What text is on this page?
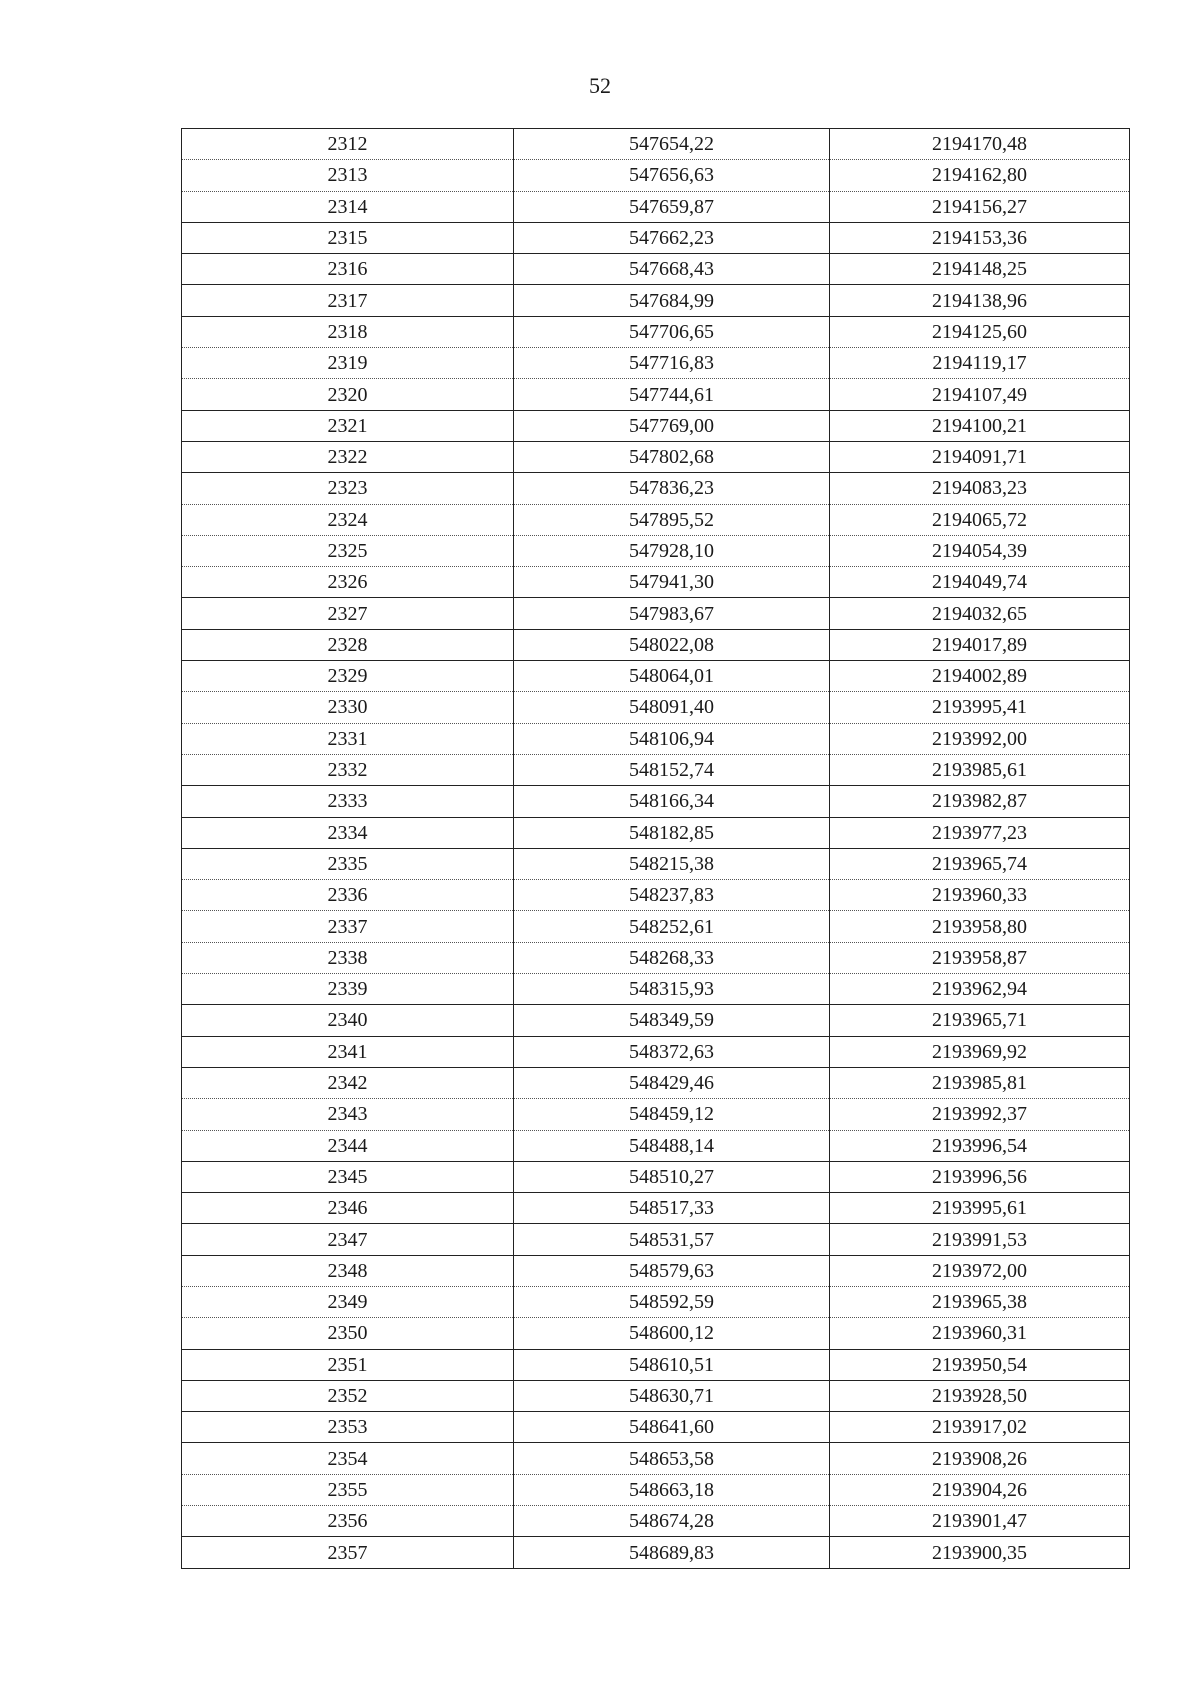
52
2312	547654,22	2194170,48
2313	547656,63	2194162,80
2314	547659,87	2194156,27
2315	547662,23	2194153,36
2316	547668,43	2194148,25
2317	547684,99	2194138,96
2318	547706,65	2194125,60
2319	547716,83	2194119,17
2320	547744,61	2194107,49
2321	547769,00	2194100,21
2322	547802,68	2194091,71
2323	547836,23	2194083,23
2324	547895,52	2194065,72
2325	547928,10	2194054,39
2326	547941,30	2194049,74
2327	547983,67	2194032,65
2328	548022,08	2194017,89
2329	548064,01	2194002,89
2330	548091,40	2193995,41
2331	548106,94	2193992,00
2332	548152,74	2193985,61
2333	548166,34	2193982,87
2334	548182,85	2193977,23
2335	548215,38	2193965,74
2336	548237,83	2193960,33
2337	548252,61	2193958,80
2338	548268,33	2193958,87
2339	548315,93	2193962,94
2340	548349,59	2193965,71
2341	548372,63	2193969,92
2342	548429,46	2193985,81
2343	548459,12	2193992,37
2344	548488,14	2193996,54
2345	548510,27	2193996,56
2346	548517,33	2193995,61
2347	548531,57	2193991,53
2348	548579,63	2193972,00
2349	548592,59	2193965,38
2350	548600,12	2193960,31
2351	548610,51	2193950,54
2352	548630,71	2193928,50
2353	548641,60	2193917,02
2354	548653,58	2193908,26
2355	548663,18	2193904,26
2356	548674,28	2193901,47
2357	548689,83	2193900,35
